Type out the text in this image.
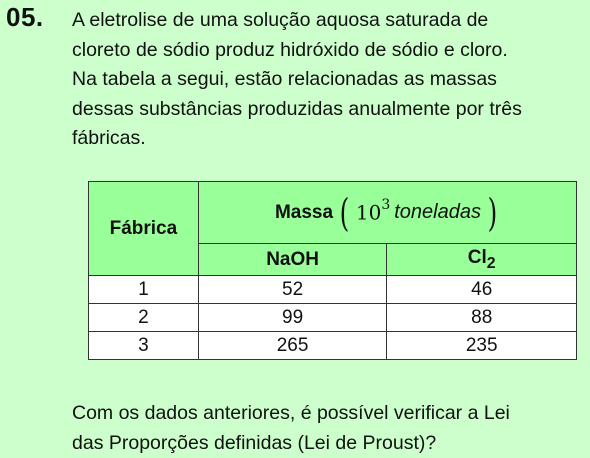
05. A eletrolise de uma solução aquosa saturada de
cloreto de sódio produz hidróxido de sódio e cloro.
Na tabela a segui, estão relacionadas as massas
dessas substâncias produzidas anualmente por três
fábricas.
Fábrica	Massa ( $10^3$ toneladas )	

	NaOH	$Cl_2$
1	52	46
2	99	88
3	265	235
Com os dados anteriores, é possível verificar a Lei
das Proporções definidas (Lei de Proust)?
